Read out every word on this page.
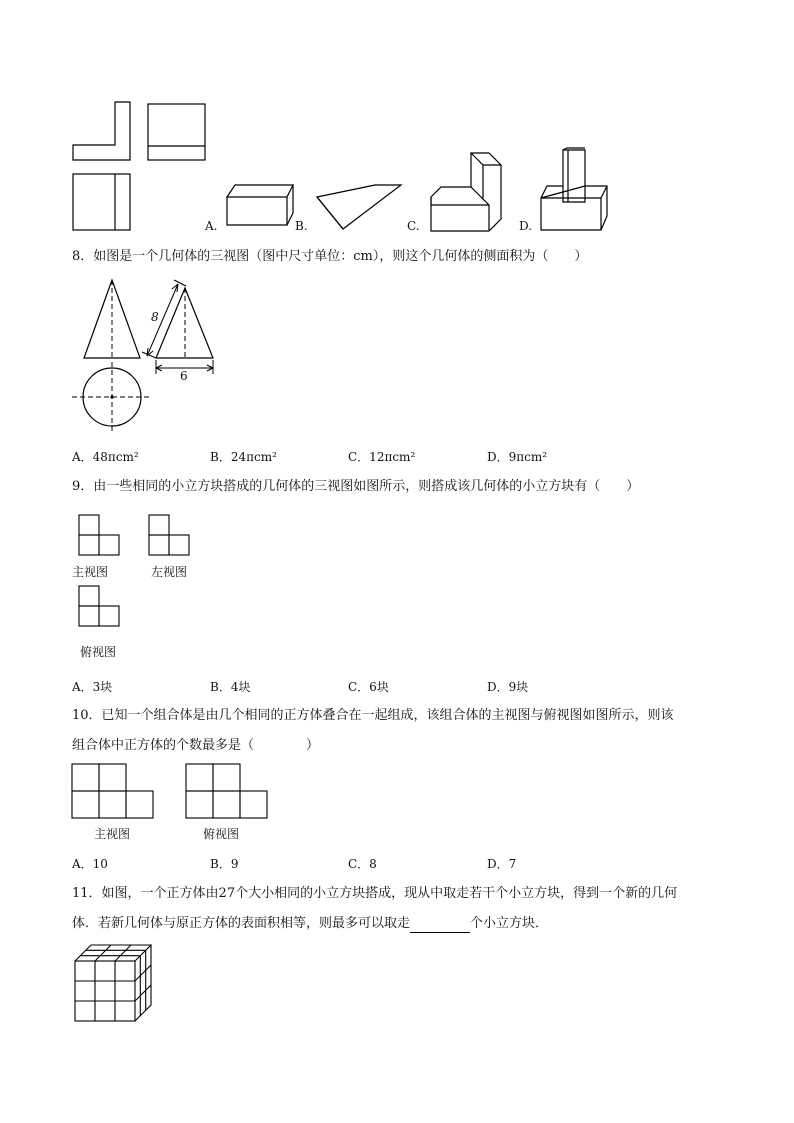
A.	B.	C.	D.
8．如图是一个几何体的三视图（图中尺寸单位：cm），则这个几何体的侧面积为（　　）
8
6
A．48πcm²	B．24πcm²	C．12πcm²	D．9πcm²
9．由一些相同的小立方块搭成的几何体的三视图如图所示，则搭成该几何体的小立方块有（　　）
主视图	左视图
俯视图
A．3块	B．4块	C．6块	D．9块
10．已知一个组合体是由几个相同的正方体叠合在一起组成，该组合体的主视图与俯视图如图所示，则该
组合体中正方体的个数最多是（　　　　）
主视图	俯视图
A．10	B．9	C．8	D．7
11．如图，一个正方体由27个大小相同的小立方块搭成，现从中取走若干个小立方块，得到一个新的几何
体．若新几何体与原正方体的表面积相等，则最多可以取走	个小立方块．
